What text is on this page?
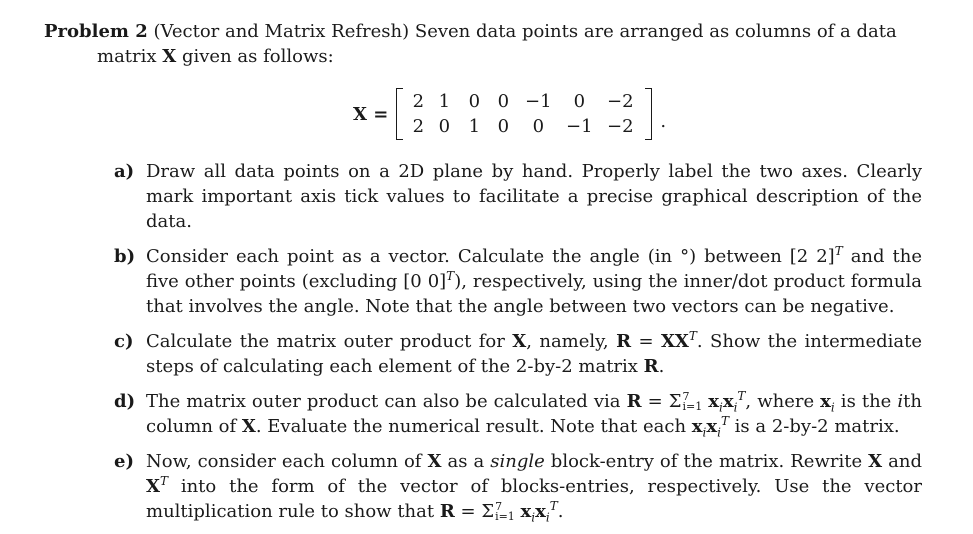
Problem 2 (Vector and Matrix Refresh) Seven data points are arranged as columns of a data
matrix X given as follows:
X =
2 1	0 0 −1	0	−2
2 0	1 0	0	−1 −2	.
a) Draw all data points on a 2D plane by hand. Properly label the two axes. Clearly mark important axis tick values to facilitate a precise graphical description of the data.
b) Consider each point as a vector. Calculate the angle (in °) between [2 2]$^T$ and the five other points (excluding [0 0]$^T$), respectively, using the inner/dot product formula that involves the angle. Note that the angle between two vectors can be negative.
c) Calculate the matrix outer product for X, namely, $R = XX^T$. Show the intermediate steps of calculating each element of the 2-by-2 matrix R.
d) The matrix outer product can also be calculated via R = Σ 7
i=1 $x_ix_i^T$, where $x_i$ is the ith column of X. Evaluate the numerical result. Note that each $x_ix_i^T$ is a 2-by-2 matrix.
e) Now, consider each column of X as a single block-entry of the matrix. Rewrite X and $X^T$ into the form of the vector of blocks-entries, respectively. Use the vector multiplication rule to show that R = Σ 7
i=1 $x_ix_i^T$.
